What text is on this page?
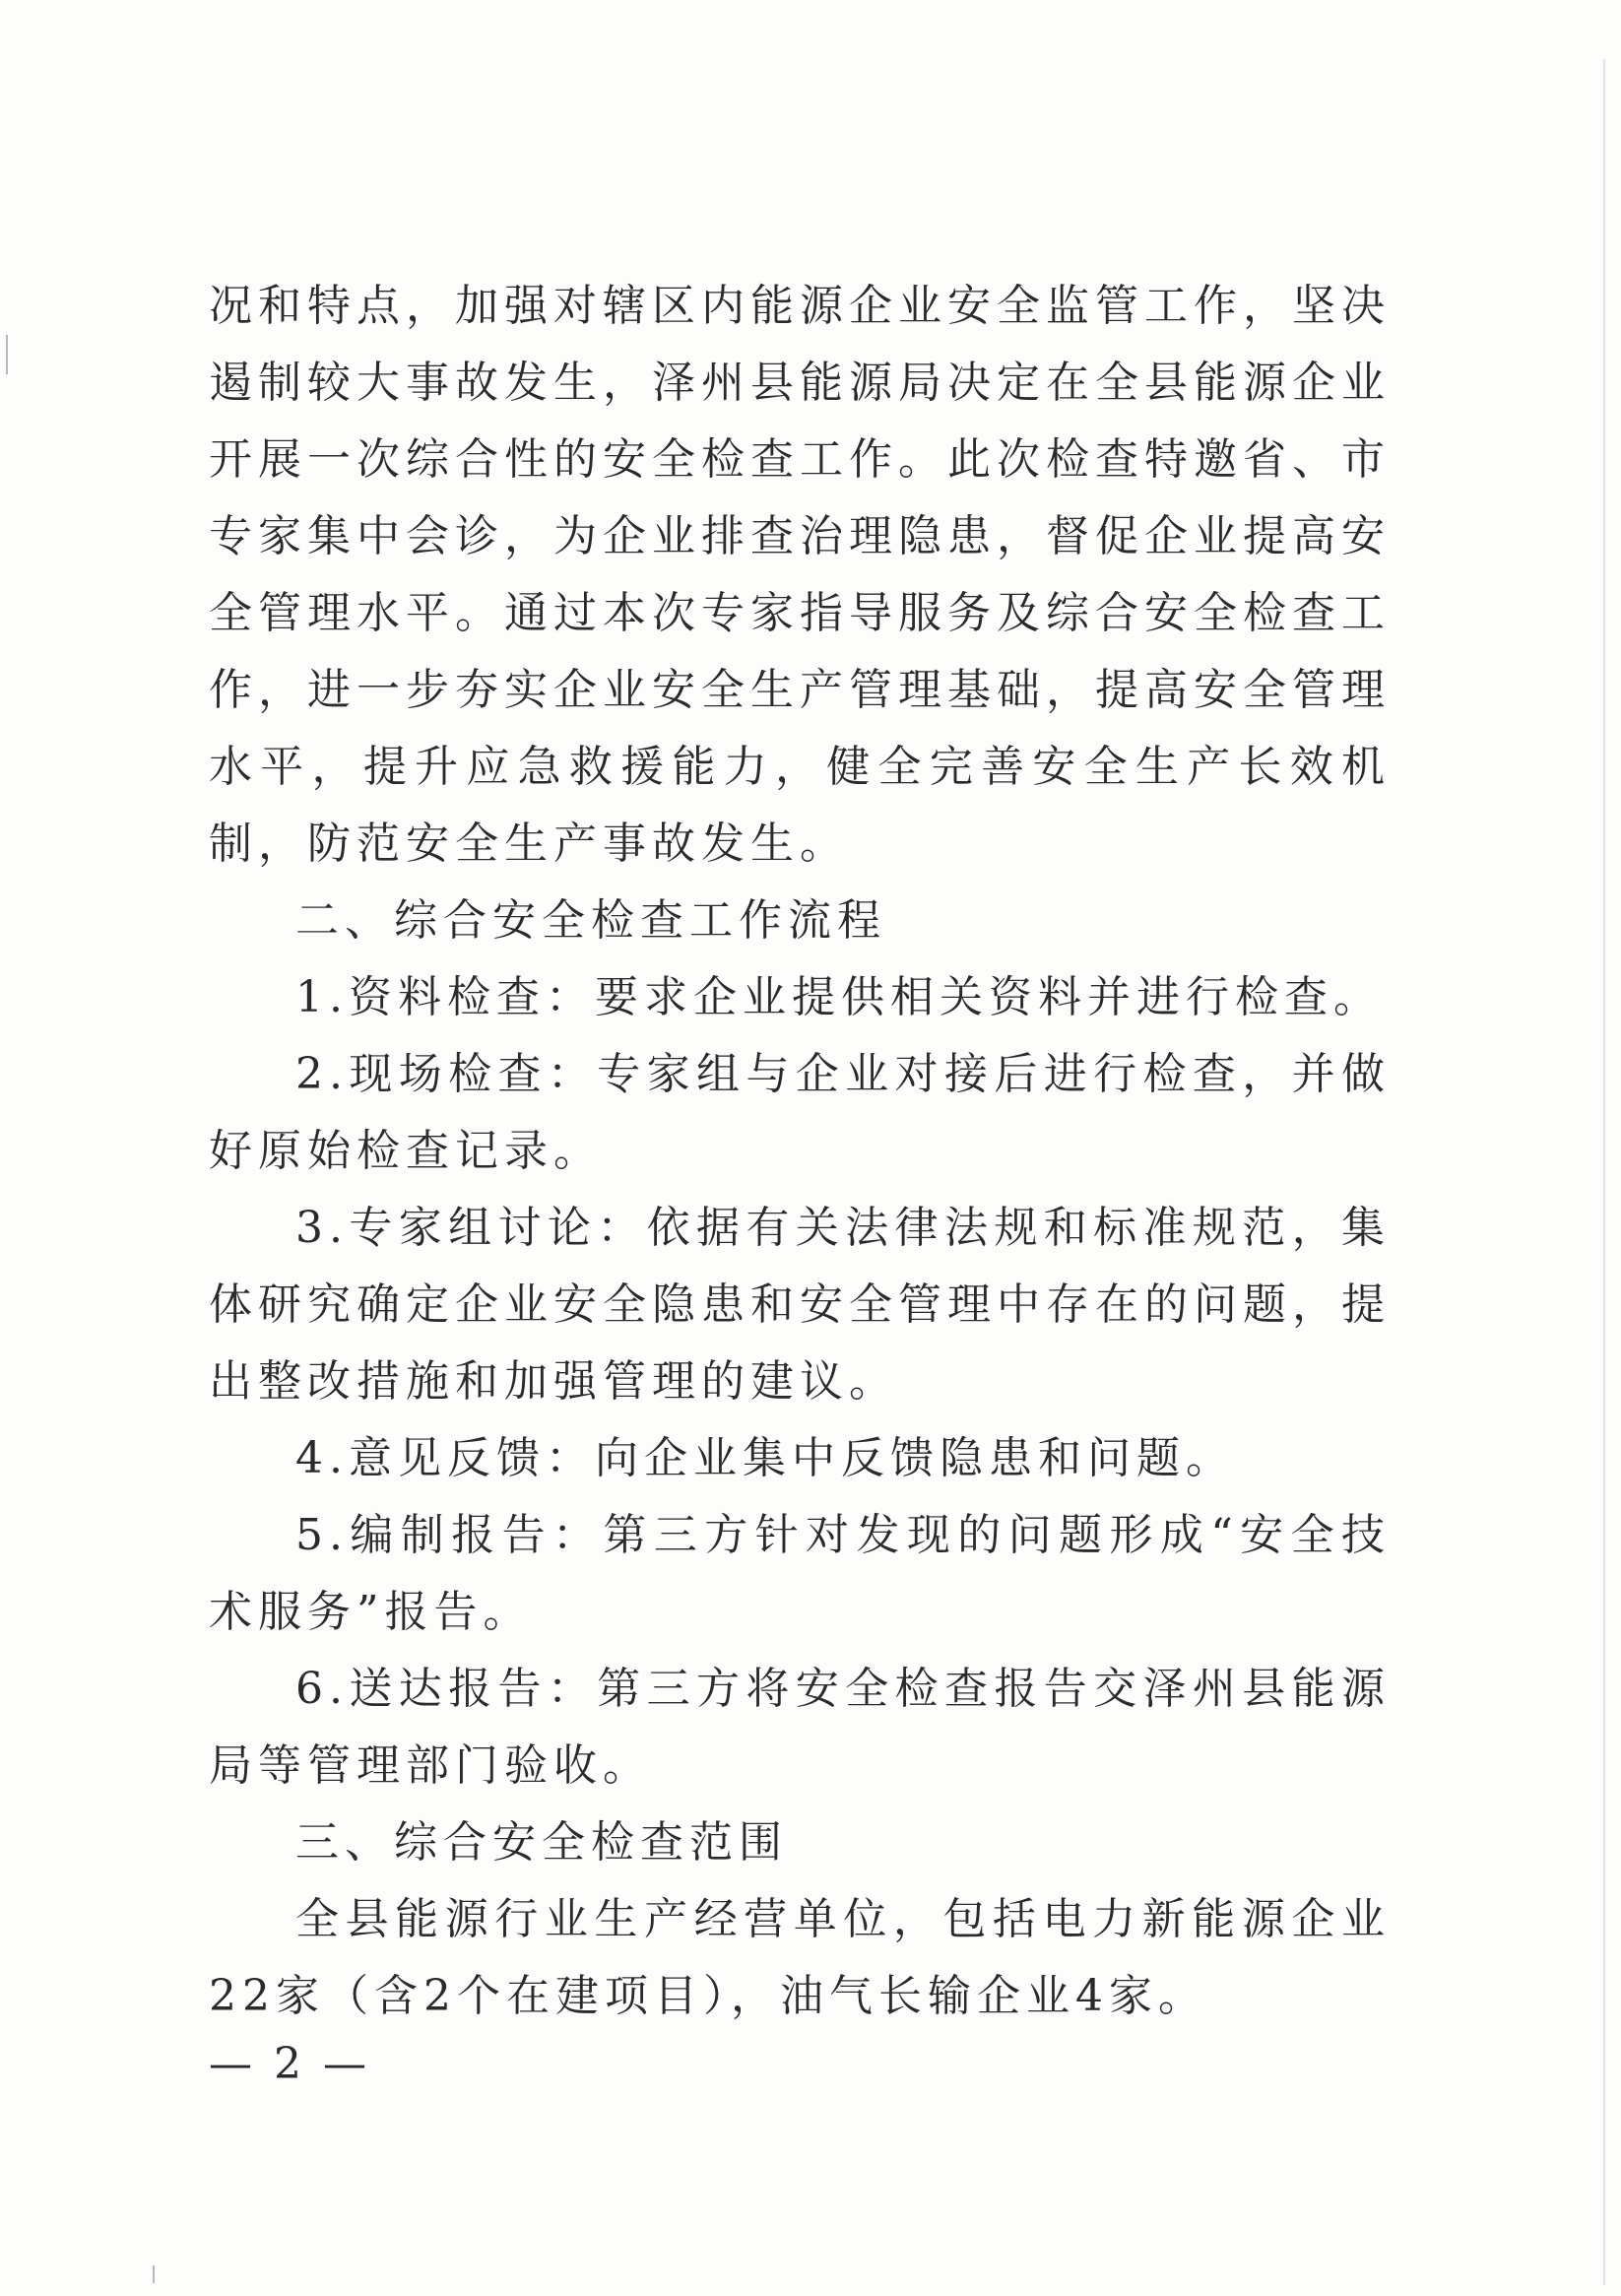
况和特点，加强对辖区内能源企业安全监管工作，坚决遏制较大事故发生，泽州县能源局决定在全县能源企业开展一次综合性的安全检查工作。此次检查特邀省、市专家集中会诊，为企业排查治理隐患，督促企业提高安全管理水平。通过本次专家指导服务及综合安全检查工作，进一步夯实企业安全生产管理基础，提高安全管理水平，提升应急救援能力，健全完善安全生产长效机制，防范安全生产事故发生。

二、综合安全检查工作流程

1.资料检查：要求企业提供相关资料并进行检查。

2.现场检查：专家组与企业对接后进行检查，并做好原始检查记录。

3.专家组讨论：依据有关法律法规和标准规范，集体研究确定企业安全隐患和安全管理中存在的问题，提出整改措施和加强管理的建议。

4.意见反馈：向企业集中反馈隐患和问题。

5.编制报告：第三方针对发现的问题形成“安全技术服务”报告。

6.送达报告：第三方将安全检查报告交泽州县能源局等管理部门验收。

三、综合安全检查范围

全县能源行业生产经营单位，包括电力新能源企业22家（含2个在建项目），油气长输企业4家。

— 2 —
